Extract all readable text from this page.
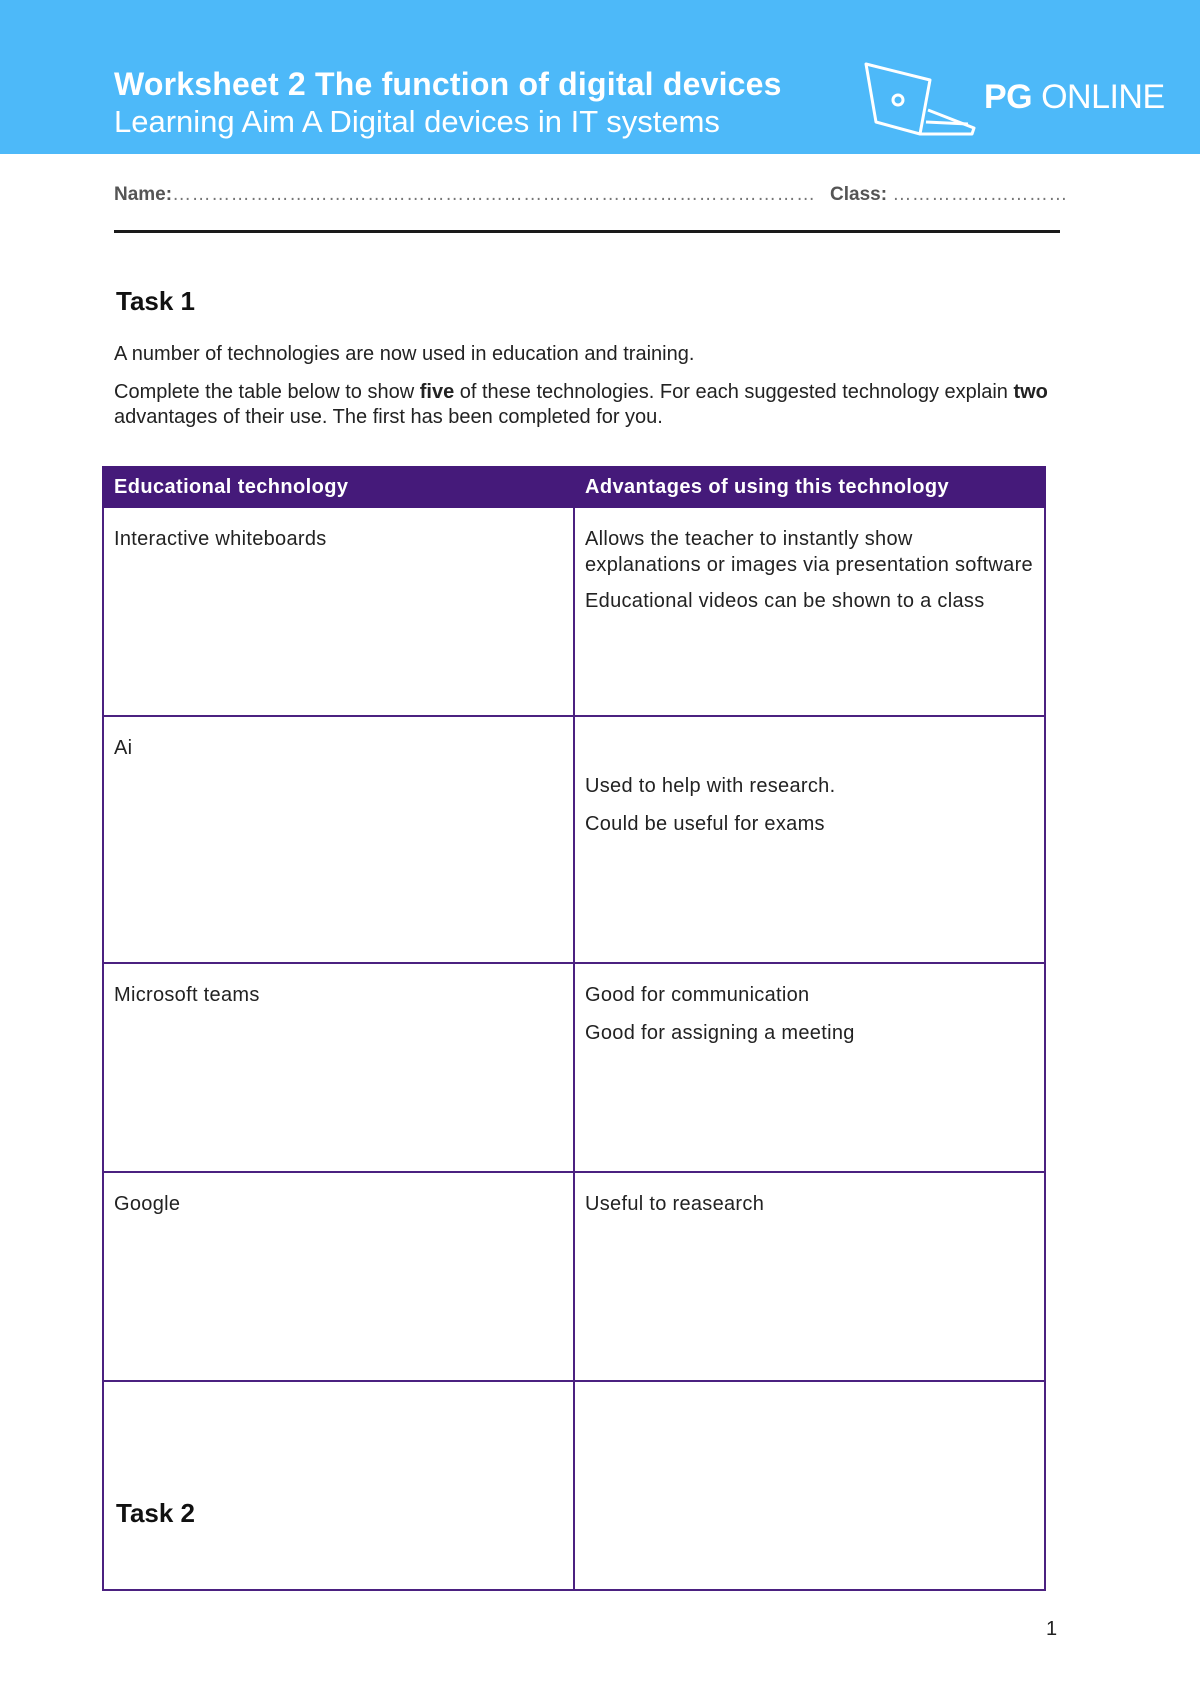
Worksheet 2 The function of digital devices
Learning Aim A Digital devices in IT systems
PG ONLINE
Name:……………………………………………………………………………………… Class: ………………………
Task 1
A number of technologies are now used in education and training.
Complete the table below to show five of these technologies. For each suggested technology explain two advantages of their use. The first has been completed for you.
Educational technology	Advantages of using this technology

Interactive whiteboards	Allows the teacher to instantly show explanations or images via presentation software

Educational videos can be shown to a class

Ai	Used to help with research.

Could be useful for exams

Microsoft teams	Good for communication

Good for assigning a meeting

Google	Useful to reasearch

Task 2
1
